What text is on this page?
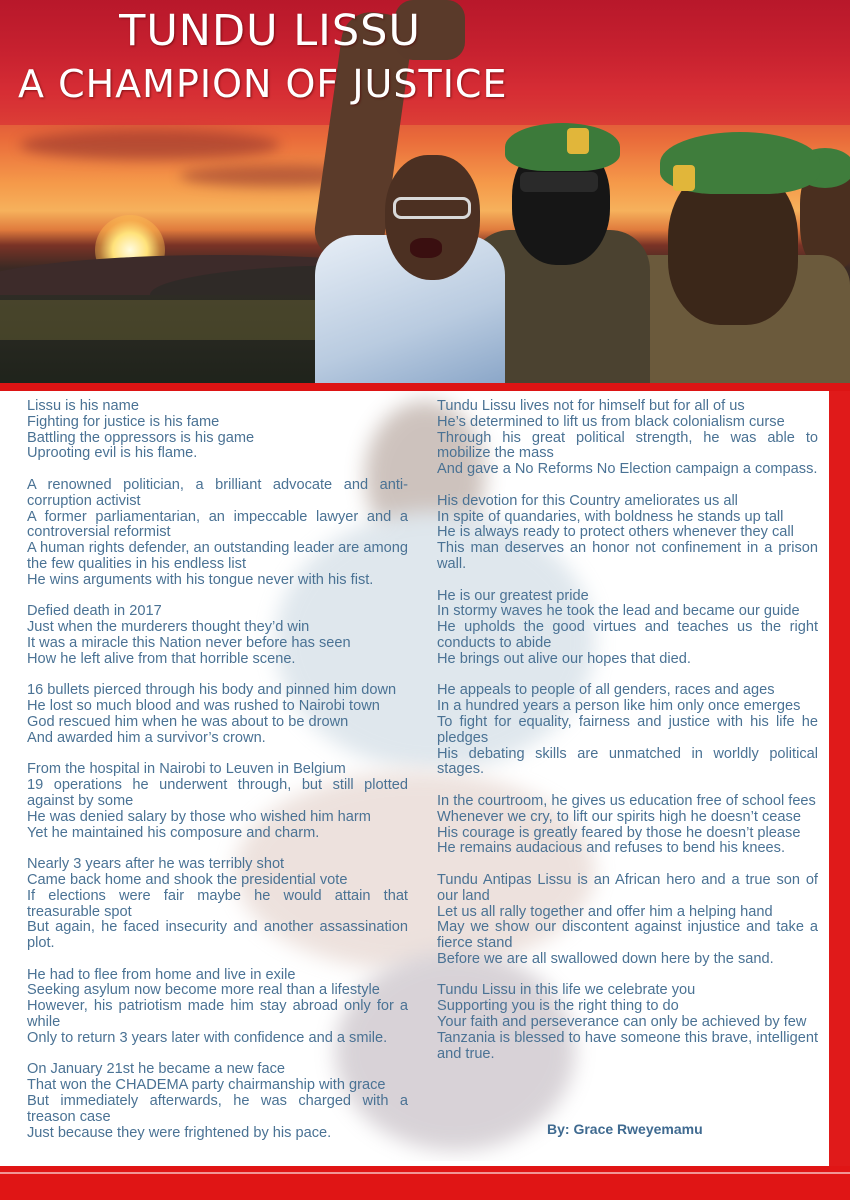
TUNDU LISSU
A CHAMPION OF JUSTICE
Lissu is his name
Fighting for justice is his fame
Battling the oppressors is his game
Uprooting evil is his flame.
A renowned politician, a brilliant advocate and anti-corruption activist
A former parliamentarian, an impeccable lawyer and a controversial reformist
A human rights defender, an outstanding leader are among the few qualities in his endless list
He wins arguments with his tongue never with his fist.
Defied death in 2017
Just when the murderers thought they’d win
It was a miracle this Nation never before has seen
How he left alive from that horrible scene.
16 bullets pierced through his body and pinned him down
He lost so much blood and was rushed to Nairobi town
God rescued him when he was about to be drown
And awarded him a survivor’s crown.
From the hospital in Nairobi to Leuven in Belgium
19 operations he underwent through, but still plotted against by some
He was denied salary by those who wished him harm
Yet he maintained his composure and charm.
Nearly 3 years after he was terribly shot
Came back home and shook the presidential vote
If elections were fair maybe he would attain that treasurable spot
But again, he faced insecurity and another assassination plot.
He had to flee from home and live in exile
Seeking asylum now become more real than a lifestyle
However, his patriotism made him stay abroad only for a while
Only to return 3 years later with confidence and a smile.
On January 21st he became a new face
That won the CHADEMA party chairmanship with grace
But immediately afterwards, he was charged with a treason case
Just because they were frightened by his pace.
Tundu Lissu lives not for himself but for all of us
He’s determined to lift us from black colonialism curse
Through his great political strength, he was able to mobilize the mass
And gave a No Reforms No Election campaign a compass.
His devotion for this Country ameliorates us all
In spite of quandaries, with boldness he stands up tall
He is always ready to protect others whenever they call
This man deserves an honor not confinement in a prison wall.
He is our greatest pride
In stormy waves he took the lead and became our guide
He upholds the good virtues and teaches us the right conducts to abide
He brings out alive our hopes that died.
He appeals to people of all genders, races and ages
In a hundred years a person like him only once emerges
To fight for equality, fairness and justice with his life he pledges
His debating skills are unmatched in worldly political stages.
In the courtroom, he gives us education free of school fees
Whenever we cry, to lift our spirits high he doesn’t cease
His courage is greatly feared by those he doesn’t please
He remains audacious and refuses to bend his knees.
Tundu Antipas Lissu is an African hero and a true son of our land
Let us all rally together and offer him a helping hand
May we show our discontent against injustice and take a fierce stand
Before we are all swallowed down here by the sand.
Tundu Lissu in this life we celebrate you
Supporting you is the right thing to do
Your faith and perseverance can only be achieved by few
Tanzania is blessed to have someone this brave, intelligent and true.
By: Grace Rweyemamu
